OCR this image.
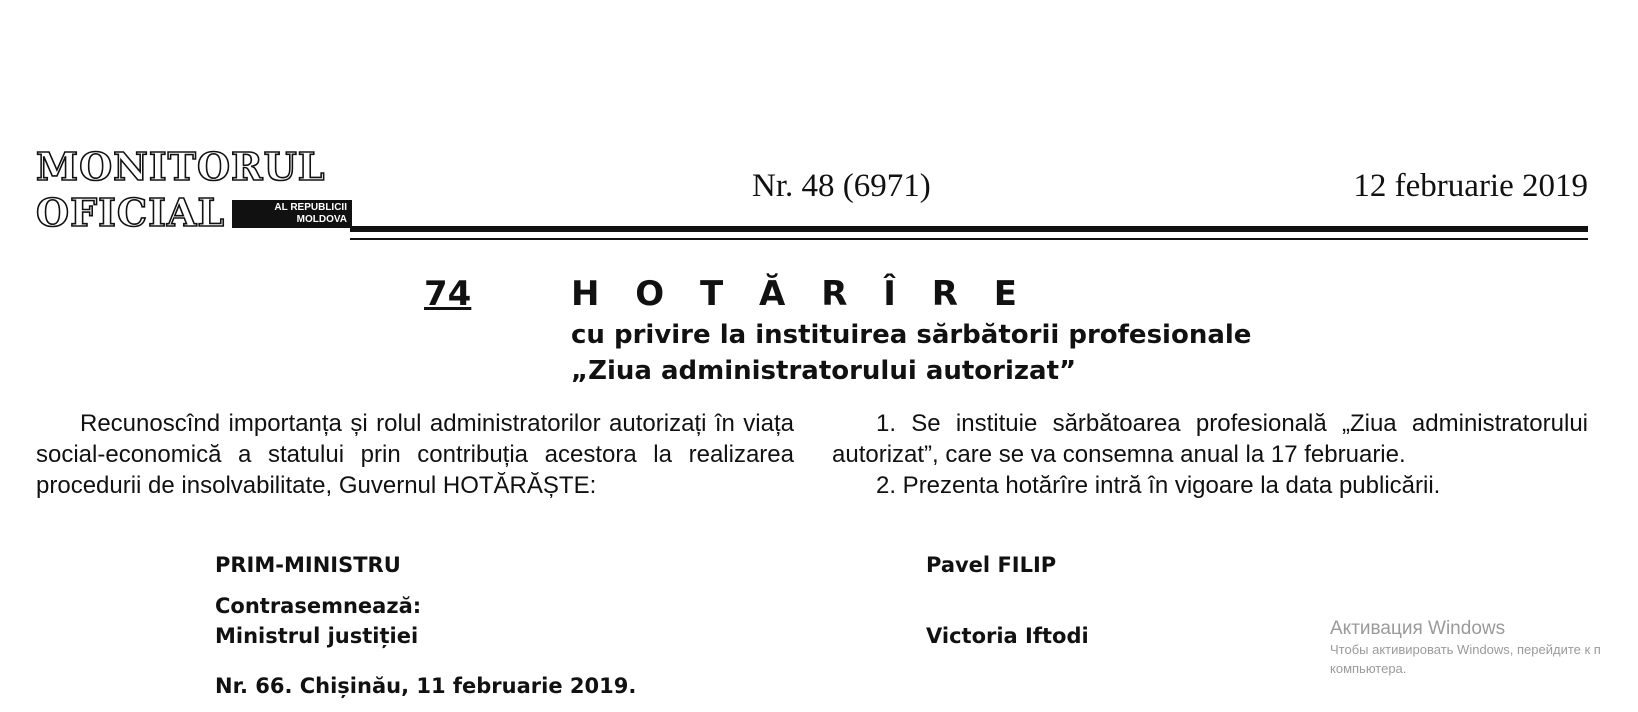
MONITORUL
OFICIAL	AL REPUBLICII
MOLDOVA
Nr. 48 (6971)	12 februarie 2019
74	H O T Ă R Î R E
cu privire la instituirea sărbătorii profesionale
„Ziua administratorului autorizat”

Recunoscînd importanța și rolul administratorilor autorizați în viața social-economică a statului prin contribuția acestora la realizarea procedurii de insolvabilitate, Guvernul HOTĂRĂȘTE:

1. Se instituie sărbătoarea profesională „Ziua administratorului autorizat”, care se va consemna anual la 17 februarie.

2. Prezenta hotărîre intră în vigoare la data publicării.

PRIM-MINISTRU	Pavel FILIP
Contrasemnează:
Ministrul justiției	Victoria Iftodi
Nr. 66. Chișinău, 11 februarie 2019.
Активация Windows
Чтобы активировать Windows, перейдите к п
компьютера.
